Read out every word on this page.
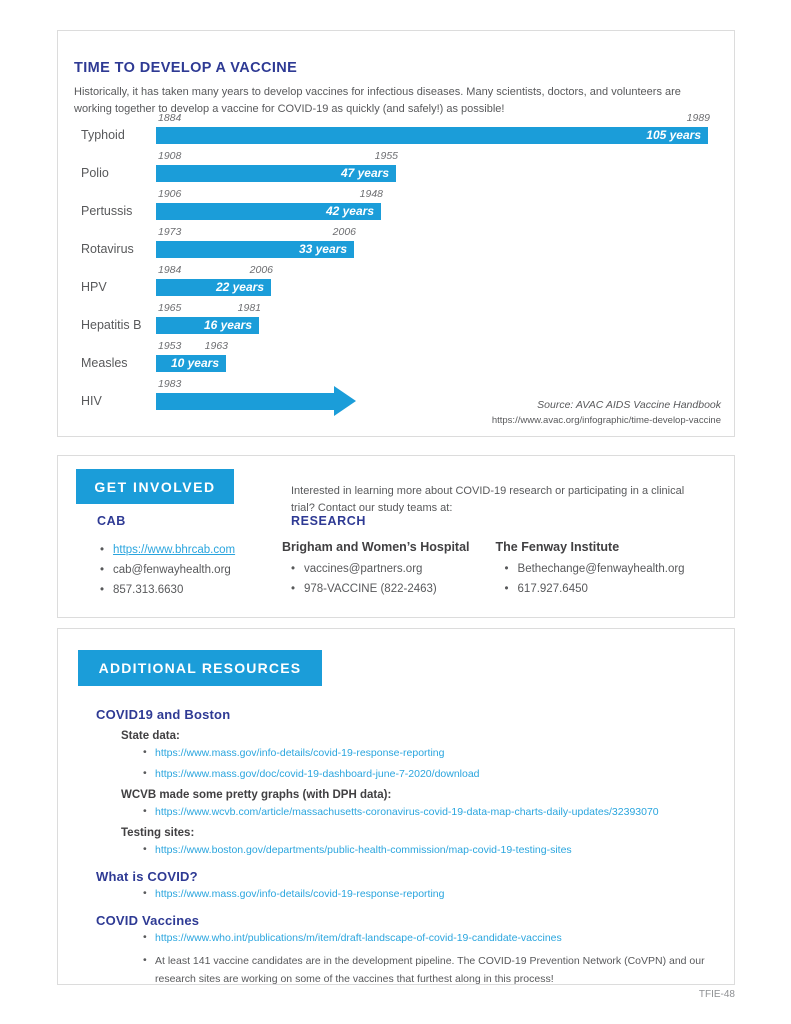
TIME TO DEVELOP A VACCINE

Historically, it has taken many years to develop vaccines for infectious diseases. Many scientists, doctors, and volunteers are working together to develop a vaccine for COVID-19 as quickly (and safely!) as possible!

1884	1989
Typhoid	105 years
1908	1955
Polio	47 years
1906	1948
Pertussis	42 years
1973	2006
Rotavirus	33 years
1984	2006
HPV	22 years
1965	1981
Hepatitis B	16 years
1953 1963
Measles	10 years
1983
HIV	Source: AVAC AIDS Vaccine Handbook
https://www.avac.org/infographic/time-develop-vaccine
GET INVOLVED	Interested in learning more about COVID-19 research or participating in a clinical trial? Contact our study teams at:

CAB	RESEARCH
• https://www.bhrcab.com
• cab@fenwayhealth.org
• 857.313.6630
Brigham and Women’s Hospital
• vaccines@partners.org
• 978-VACCINE (822-2463)
The Fenway Institute
• Bethechange@fenwayhealth.org
• 617.927.6450
ADDITIONAL RESOURCES
COVID19 and Boston
State data:
• https://www.mass.gov/info-details/covid-19-response-reporting
• https://www.mass.gov/doc/covid-19-dashboard-june-7-2020/download
WCVB made some pretty graphs (with DPH data):
• https://www.wcvb.com/article/massachusetts-coronavirus-covid-19-data-map-charts-daily-updates/32393070
Testing sites:
• https://www.boston.gov/departments/public-health-commission/map-covid-19-testing-sites
What is COVID?
• https://www.mass.gov/info-details/covid-19-response-reporting
COVID Vaccines
• https://www.who.int/publications/m/item/draft-landscape-of-covid-19-candidate-vaccines
• At least 141 vaccine candidates are in the development pipeline. The COVID-19 Prevention Network (CoVPN) and our research sites are working on some of the vaccines that furthest along in this process!
TFIE-48
